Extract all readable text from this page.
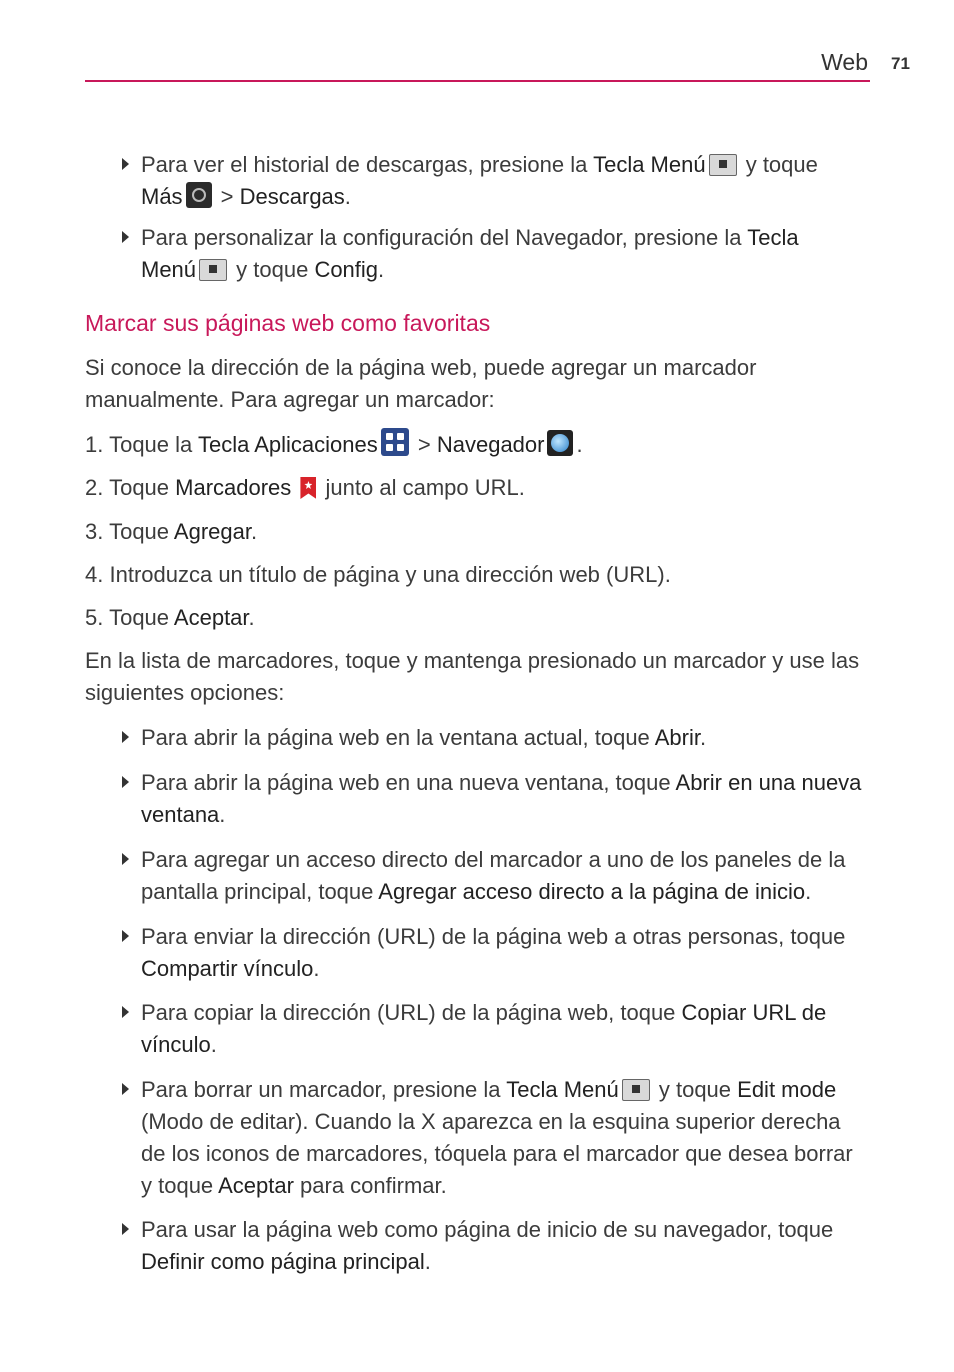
Web 71
Para ver el historial de descargas, presione la Tecla Menú y toque
Más > Descargas.
Para personalizar la configuración del Navegador, presione la Tecla
Menú y toque Config.
Marcar sus páginas web como favoritas
Si conoce la dirección de la página web, puede agregar un marcador manualmente. Para agregar un marcador:
1. Toque la Tecla Aplicaciones
> Navegador .
2. Toque Marcadores  junto al campo URL.
3. Toque Agregar.
4. Introduzca un título de página y una dirección web (URL).
5. Toque Aceptar.
En la lista de marcadores, toque y mantenga presionado un marcador y use las siguientes opciones:
Para abrir la página web en la ventana actual, toque Abrir.
Para abrir la página web en una nueva ventana, toque Abrir en una nueva ventana.
Para agregar un acceso directo del marcador a uno de los paneles de la pantalla principal, toque Agregar acceso directo a la página de inicio.
Para enviar la dirección (URL) de la página web a otras personas, toque Compartir vínculo.
Para copiar la dirección (URL) de la página web, toque Copiar URL de vínculo.
Para borrar un marcador, presione la Tecla Menú y toque Edit mode (Modo de editar). Cuando la X aparezca en la esquina superior derecha de los iconos de marcadores, tóquela para el marcador que desea borrar y toque Aceptar para confirmar.
Para usar la página web como página de inicio de su navegador, toque Definir como página principal.
